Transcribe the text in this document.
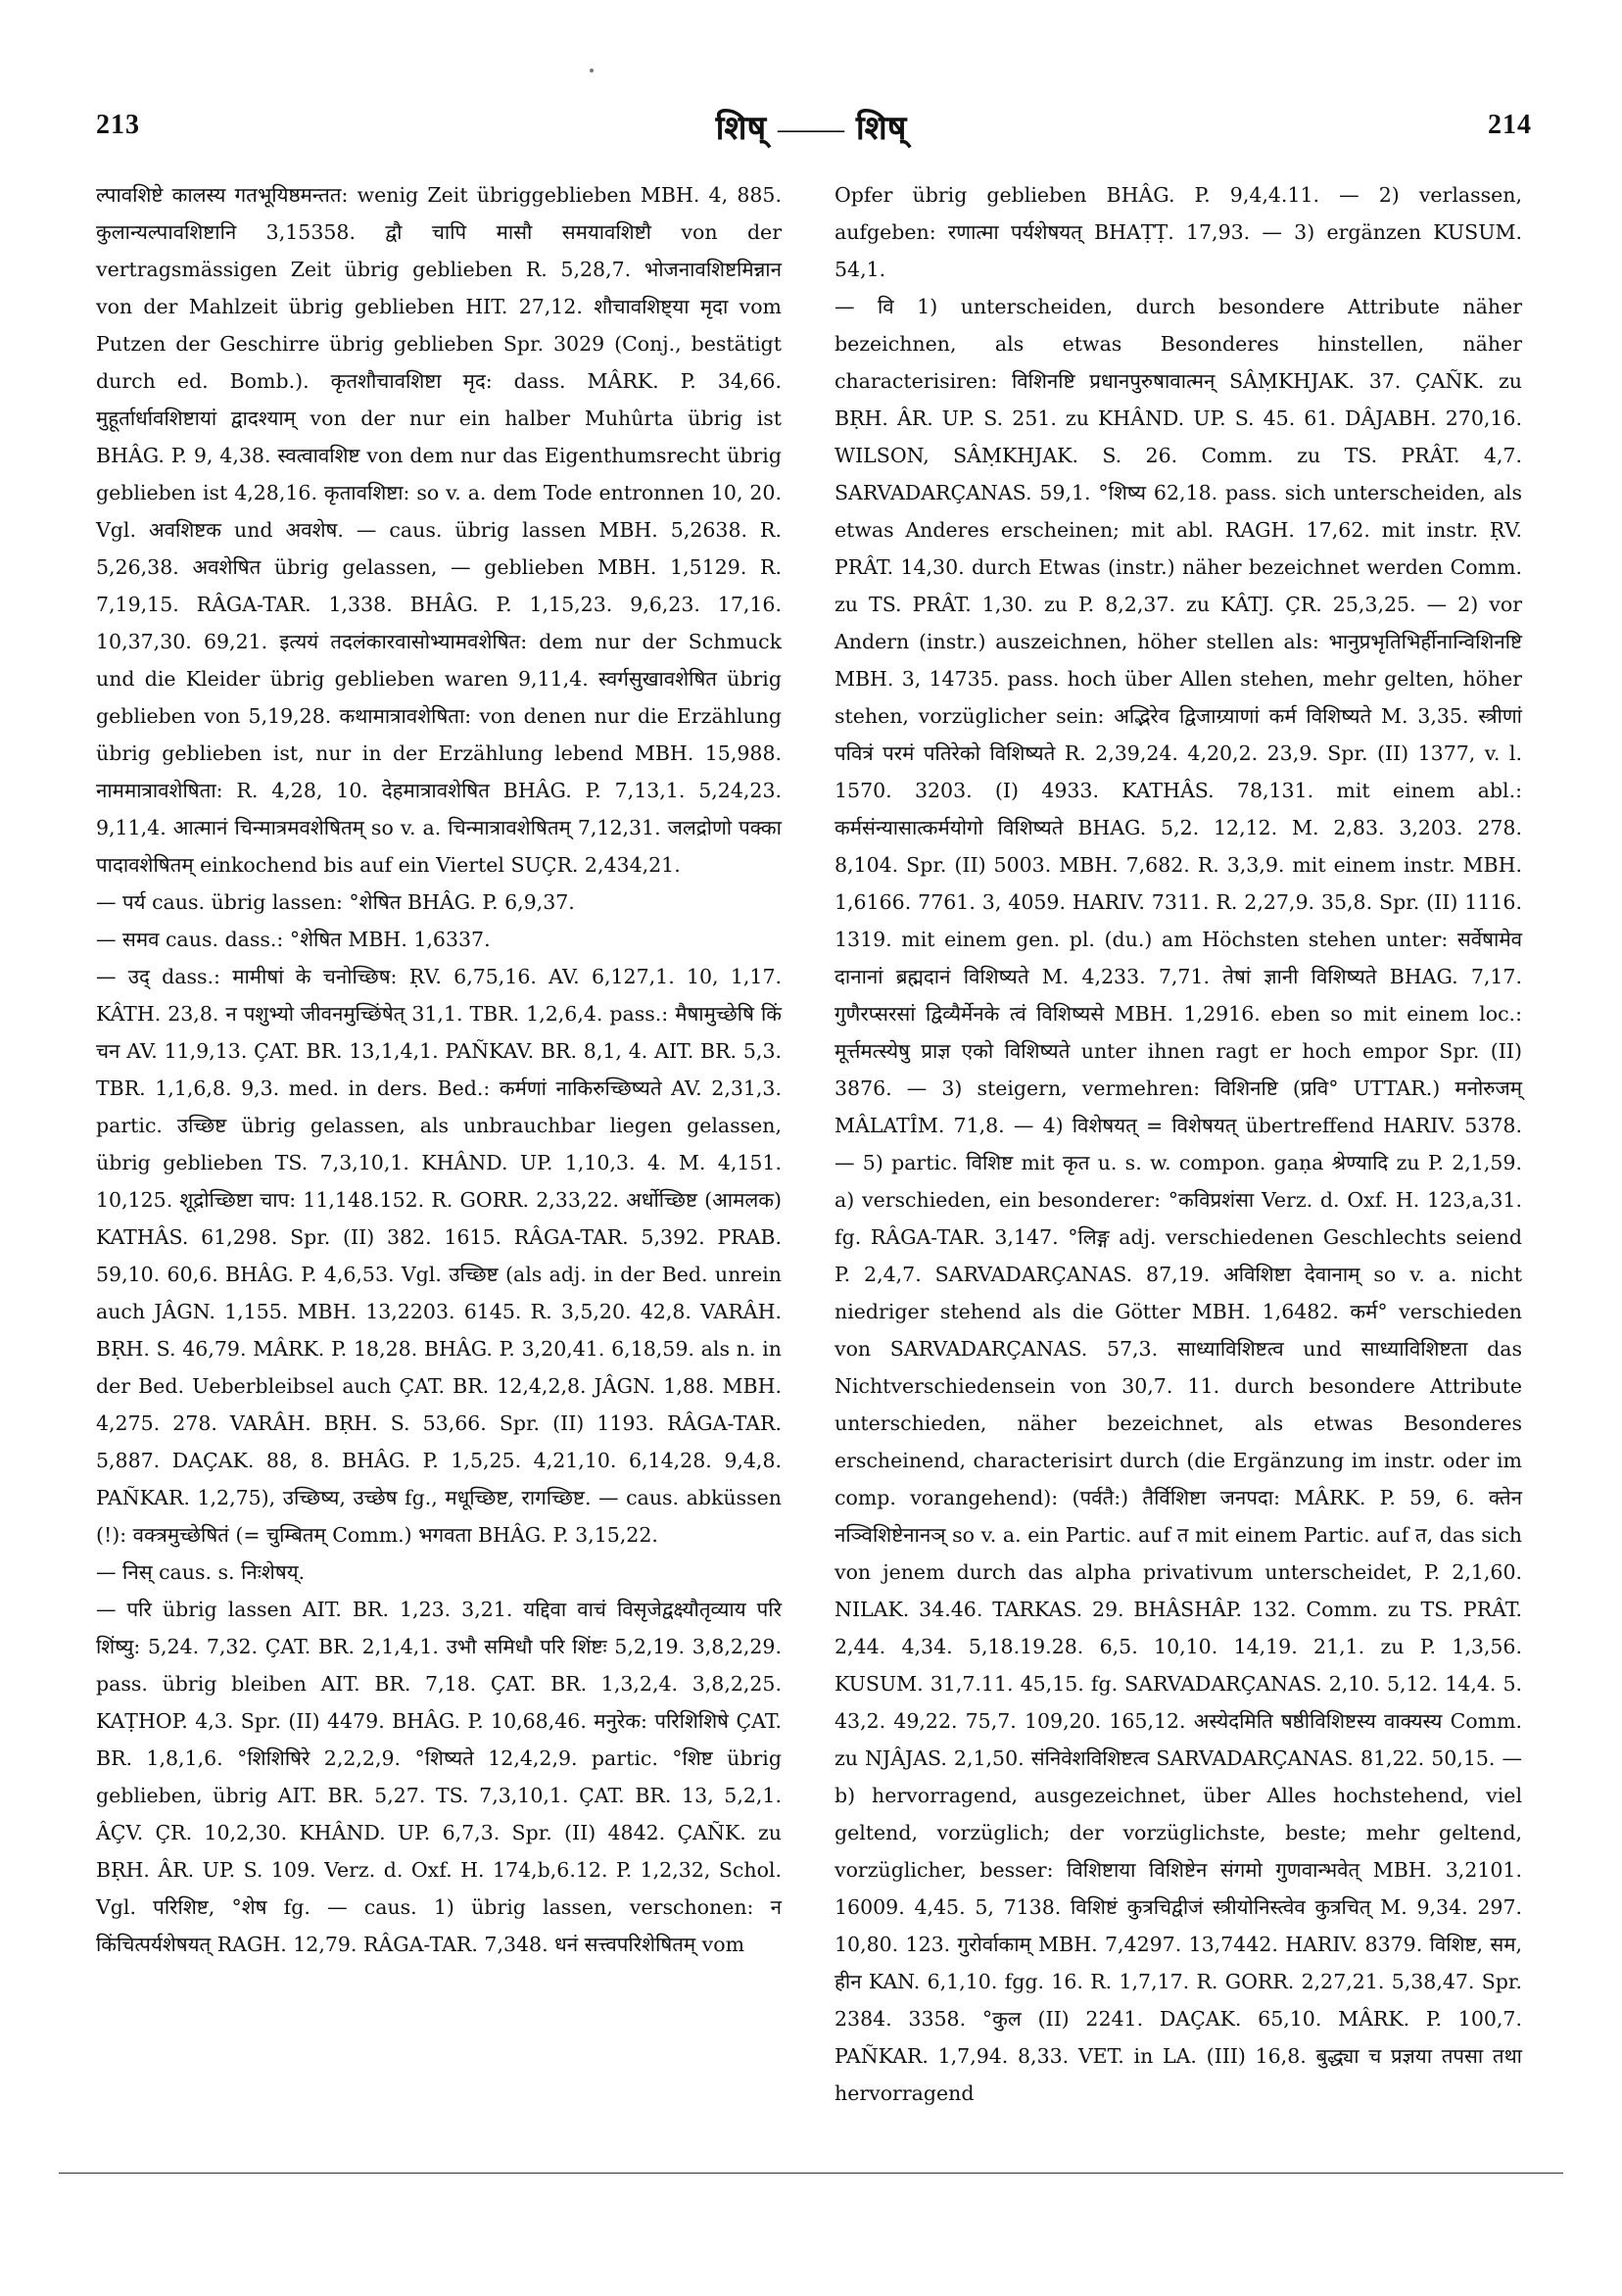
213	शिष् —— शिष्	214

ल्पावशिष्टे कालस्य गतभूयिष्ठमन्तत: wenig Zeit übriggeblieben MBH. 4, 885. कुलान्यल्पावशिष्टानि 3,15358. द्वौ चापि मासौ समयावशिष्टौ von der vertragsmässigen Zeit übrig geblieben R. 5,28,7. भोजनावशिष्टमिन्नान von der Mahlzeit übrig geblieben HIT. 27,12. शौचावशिष्ट्या मृदा vom Putzen der Geschirre übrig geblieben Spr. 3029 (Conj., bestätigt durch ed. Bomb.). कृतशौचावशिष्टा मृद: dass. MÂRK. P. 34,66. मुहूर्तार्धावशिष्टायां द्वादश्याम् von der nur ein halber Muhûrta übrig ist BHÂG. P. 9, 4,38. स्वत्वावशिष्ट von dem nur das Eigenthumsrecht übrig geblieben ist 4,28,16. कृतावशिष्टा: so v. a. dem Tode entronnen 10, 20. Vgl. अवशिष्टक und अवशेष. — caus. übrig lassen MBH. 5,2638. R. 5,26,38. अवशेषित übrig gelassen, — geblieben MBH. 1,5129. R. 7,19,15. RÂGA-TAR. 1,338. BHÂG. P. 1,15,23. 9,6,23. 17,16. 10,37,30. 69,21. इत्ययं तदलंकारवासोभ्यामवशेषित: dem nur der Schmuck und die Kleider übrig geblieben waren 9,11,4. स्वर्गसुखावशेषित übrig geblieben von 5,19,28. कथामात्रावशेषिता: von denen nur die Erzählung übrig geblieben ist, nur in der Erzählung lebend MBH. 15,988. नाममात्रावशेषिता: R. 4,28, 10. देहमात्रावशेषित BHÂG. P. 7,13,1. 5,24,23. 9,11,4. आत्मानं चिन्मात्रमवशेषितम् so v. a. चिन्मात्रावशेषितम् 7,12,31. जलद्रोणो पक्का पादावशेषितम् einkochend bis auf ein Viertel SUÇR. 2,434,21.

— पर्य caus. übrig lassen: °शेषित BHÂG. P. 6,9,37.

— समव caus. dass.: °शेषित MBH. 1,6337.

— उद् dass.: मामीषां के चनोच्छिष: ṚV. 6,75,16. AV. 6,127,1. 10, 1,17. KÂTH. 23,8. न पशुभ्यो जीवनमुच्छिंषेत् 31,1. TBR. 1,2,6,4. pass.: मैषामुच्छेषि किं चन AV. 11,9,13. ÇAT. BR. 13,1,4,1. PAÑKAV. BR. 8,1, 4. AIT. BR. 5,3. TBR. 1,1,6,8. 9,3. med. in ders. Bed.: कर्मणां नाकिरुच्छिष्यते AV. 2,31,3. partic. उच्छिष्ट übrig gelassen, als unbrauchbar liegen gelassen, übrig geblieben TS. 7,3,10,1. KHÂND. UP. 1,10,3. 4. M. 4,151. 10,125. शूद्रोच्छिष्टा चाप: 11,148.152. R. GORR. 2,33,22. अर्धोच्छिष्ट (आमलक) KATHÂS. 61,298. Spr. (II) 382. 1615. RÂGA-TAR. 5,392. PRAB. 59,10. 60,6. BHÂG. P. 4,6,53. Vgl. उच्छिष्ट (als adj. in der Bed. unrein auch JÂGN. 1,155. MBH. 13,2203. 6145. R. 3,5,20. 42,8. VARÂH. BṚH. S. 46,79. MÂRK. P. 18,28. BHÂG. P. 3,20,41. 6,18,59. als n. in der Bed. Ueberbleibsel auch ÇAT. BR. 12,4,2,8. JÂGN. 1,88. MBH. 4,275. 278. VARÂH. BṚH. S. 53,66. Spr. (II) 1193. RÂGA-TAR. 5,887. DAÇAK. 88, 8. BHÂG. P. 1,5,25. 4,21,10. 6,14,28. 9,4,8. PAÑKAR. 1,2,75), उच्छिष्य, उच्छेष fg., मधूच्छिष्ट, रागच्छिष्ट. — caus. abküssen (!): वक्त्रमुच्छेषितं (= चुम्बितम् Comm.) भगवता BHÂG. P. 3,15,22.

— निस् caus. s. निःशेषय्.

— परि übrig lassen AIT. BR. 1,23. 3,21. यद्दिवा वाचं विसृजेद्वक्ष्यौतृव्याय परि शिंष्यु: 5,24. 7,32. ÇAT. BR. 2,1,4,1. उभौ समिधौ परि शिंष्टः 5,2,19. 3,8,2,29. pass. übrig bleiben AIT. BR. 7,18. ÇAT. BR. 1,3,2,4. 3,8,2,25. KAṬHOP. 4,3. Spr. (II) 4479. BHÂG. P. 10,68,46. मनुरेक: परिशिशिषे ÇAT. BR. 1,8,1,6. °शिशिषिरे 2,2,2,9. °शिष्यते 12,4,2,9. partic. °शिष्ट übrig geblieben, übrig AIT. BR. 5,27. TS. 7,3,10,1. ÇAT. BR. 13, 5,2,1. ÂÇV. ÇR. 10,2,30. KHÂND. UP. 6,7,3. Spr. (II) 4842. ÇAÑK. zu BṚH. ÂR. UP. S. 109. Verz. d. Oxf. H. 174,b,6.12. P. 1,2,32, Schol. Vgl. परिशिष्ट, °शेष fg. — caus. 1) übrig lassen, verschonen: न किंचित्पर्यशेषयत् RAGH. 12,79. RÂGA-TAR. 7,348. धनं सत्त्वपरिशेषितम् vom

Opfer übrig geblieben BHÂG. P. 9,4,4.11. — 2) verlassen, aufgeben: रणात्मा पर्यशेषयत् BHAṬṬ. 17,93. — 3) ergänzen KUSUM. 54,1.

— वि 1) unterscheiden, durch besondere Attribute näher bezeichnen, als etwas Besonderes hinstellen, näher characterisiren: विशिनष्टि प्रधानपुरुषावात्मन् SÂṂKHJAK. 37. ÇAÑK. zu BṚH. ÂR. UP. S. 251. zu KHÂND. UP. S. 45. 61. DÂJABH. 270,16. WILSON, SÂṂKHJAK. S. 26. Comm. zu TS. PRÂT. 4,7. SARVADARÇANAS. 59,1. °शिष्य 62,18. pass. sich unterscheiden, als etwas Anderes erscheinen; mit abl. RAGH. 17,62. mit instr. ṚV. PRÂT. 14,30. durch Etwas (instr.) näher bezeichnet werden Comm. zu TS. PRÂT. 1,30. zu P. 8,2,37. zu KÂTJ. ÇR. 25,3,25. — 2) vor Andern (instr.) auszeichnen, höher stellen als: भानुप्रभृतिभिर्हीनान्विशिनष्टि MBH. 3, 14735. pass. hoch über Allen stehen, mehr gelten, höher stehen, vorzüglicher sein: अद्भिरेव द्विजाग्र्याणां कर्म विशिष्यते M. 3,35. स्त्रीणां पवित्रं परमं पतिरेको विशिष्यते R. 2,39,24. 4,20,2. 23,9. Spr. (II) 1377, v. l. 1570. 3203. (I) 4933. KATHÂS. 78,131. mit einem abl.: कर्मसंन्यासात्कर्मयोगो विशिष्यते BHAG. 5,2. 12,12. M. 2,83. 3,203. 278. 8,104. Spr. (II) 5003. MBH. 7,682. R. 3,3,9. mit einem instr. MBH. 1,6166. 7761. 3, 4059. HARIV. 7311. R. 2,27,9. 35,8. Spr. (II) 1116. 1319. mit einem gen. pl. (du.) am Höchsten stehen unter: सर्वेषामेव दानानां ब्रह्मदानं विशिष्यते M. 4,233. 7,71. तेषां ज्ञानी विशिष्यते BHAG. 7,17. गुणैरप्सरसां द्विव्यैर्मेनके त्वं विशिष्यसे MBH. 1,2916. eben so mit einem loc.: मूर्त्तमत्स्येषु प्राज्ञ एको विशिष्यते unter ihnen ragt er hoch empor Spr. (II) 3876. — 3) steigern, vermehren: विशिनष्टि (प्रवि° UTTAR.) मनोरुजम् MÂLATÎM. 71,8. — 4) विशेषयत् = विशेषयत् übertreffend HARIV. 5378. — 5) partic. विशिष्ट mit कृत u. s. w. compon. gaṇa श्रेण्यादि zu P. 2,1,59. a) verschieden, ein besonderer: °कविप्रशंसा Verz. d. Oxf. H. 123,a,31. fg. RÂGA-TAR. 3,147. °लिङ्ग adj. verschiedenen Geschlechts seiend P. 2,4,7. SARVADARÇANAS. 87,19. अविशिष्टा देवानाम् so v. a. nicht niedriger stehend als die Götter MBH. 1,6482. कर्म° verschieden von SARVADARÇANAS. 57,3. साध्याविशिष्टत्व und साध्याविशिष्टता das Nichtverschiedensein von 30,7. 11. durch besondere Attribute unterschieden, näher bezeichnet, als etwas Besonderes erscheinend, characterisirt durch (die Ergänzung im instr. oder im comp. vorangehend): (पर्वतै:) तैर्विशिष्टा जनपदा: MÂRK. P. 59, 6. क्तेन नञ्विशिष्टेनानञ् so v. a. ein Partic. auf त mit einem Partic. auf त, das sich von jenem durch das alpha privativum unterscheidet, P. 2,1,60. NILAK. 34.46. TARKAS. 29. BHÂSHÂP. 132. Comm. zu TS. PRÂT. 2,44. 4,34. 5,18.19.28. 6,5. 10,10. 14,19. 21,1. zu P. 1,3,56. KUSUM. 31,7.11. 45,15. fg. SARVADARÇANAS. 2,10. 5,12. 14,4. 5. 43,2. 49,22. 75,7. 109,20. 165,12. अस्येदमिति षष्ठीविशिष्टस्य वाक्यस्य Comm. zu NJÂJAS. 2,1,50. संनिवेशविशिष्टत्व SARVADARÇANAS. 81,22. 50,15. — b) hervorragend, ausgezeichnet, über Alles hochstehend, viel geltend, vorzüglich; der vorzüglichste, beste; mehr geltend, vorzüglicher, besser: विशिष्टाया विशिष्टेन संगमो गुणवान्भवेत् MBH. 3,2101. 16009. 4,45. 5, 7138. विशिष्टं कुत्रचिद्वीजं स्त्रीयोनिस्त्वेव कुत्रचित् M. 9,34. 297. 10,80. 123. गुरोर्वाकाम् MBH. 7,4297. 13,7442. HARIV. 8379. विशिष्ट, सम, हीन KAN. 6,1,10. fgg. 16. R. 1,7,17. R. GORR. 2,27,21. 5,38,47. Spr. 2384. 3358. °कुल (II) 2241. DAÇAK. 65,10. MÂRK. P. 100,7. PAÑKAR. 1,7,94. 8,33. VET. in LA. (III) 16,8. बुद्ध्या च प्रज्ञया तपसा तथा hervorragend
